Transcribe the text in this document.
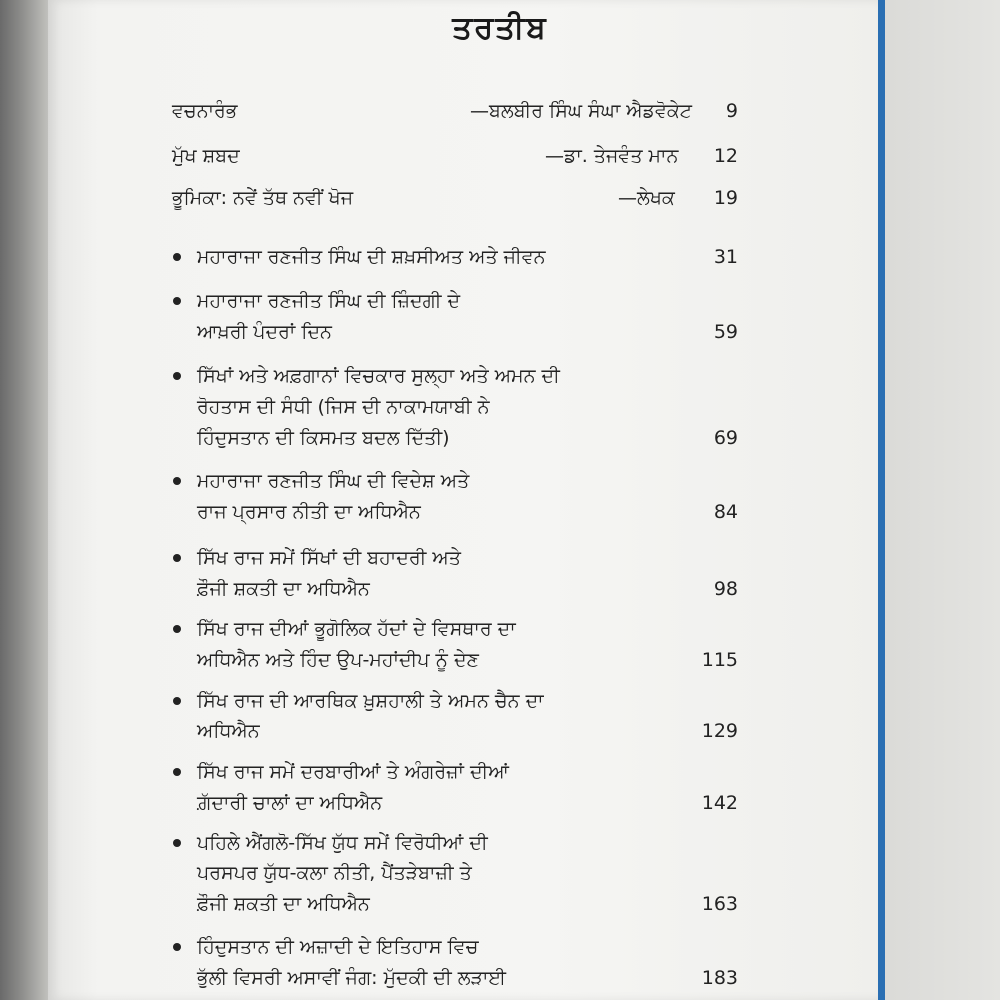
ਤਰਤੀਬ
ਵਚਨਾਰੰਭ	—ਬਲਬੀਰ ਸਿੰਘ ਸੰਘਾ ਐਡਵੋਕੇਟ	9
ਮੁੱਖ ਸ਼ਬਦ	—ਡਾ. ਤੇਜਵੰਤ ਮਾਨ	12
ਭੂਮਿਕਾ: ਨਵੇਂ ਤੱਥ ਨਵੀਂ ਖੋਜ	—ਲੇਖਕ	19
ਮਹਾਰਾਜਾ ਰਣਜੀਤ ਸਿੰਘ ਦੀ ਸ਼ਖ਼ਸੀਅਤ ਅਤੇ ਜੀਵਨ	31
ਮਹਾਰਾਜਾ ਰਣਜੀਤ ਸਿੰਘ ਦੀ ਜ਼ਿੰਦਗੀ ਦੇ
ਆਖ਼ਰੀ ਪੰਦਰਾਂ ਦਿਨ	59
ਸਿੱਖਾਂ ਅਤੇ ਅਫ਼ਗਾਨਾਂ ਵਿਚਕਾਰ ਸੁਲ੍ਹਾ ਅਤੇ ਅਮਨ ਦੀ
ਰੋਹਤਾਸ ਦੀ ਸੰਧੀ (ਜਿਸ ਦੀ ਨਾਕਾਮਯਾਬੀ ਨੇ
ਹਿੰਦੁਸਤਾਨ ਦੀ ਕਿਸਮਤ ਬਦਲ ਦਿੱਤੀ)	69
ਮਹਾਰਾਜਾ ਰਣਜੀਤ ਸਿੰਘ ਦੀ ਵਿਦੇਸ਼ ਅਤੇ
ਰਾਜ ਪ੍ਰਸਾਰ ਨੀਤੀ ਦਾ ਅਧਿਐਨ	84
ਸਿੱਖ ਰਾਜ ਸਮੇਂ ਸਿੱਖਾਂ ਦੀ ਬਹਾਦਰੀ ਅਤੇ
ਫ਼ੌਜੀ ਸ਼ਕਤੀ ਦਾ ਅਧਿਐਨ	98
ਸਿੱਖ ਰਾਜ ਦੀਆਂ ਭੂਗੋਲਿਕ ਹੱਦਾਂ ਦੇ ਵਿਸਥਾਰ ਦਾ
ਅਧਿਐਨ ਅਤੇ ਹਿੰਦ ਉਪ-ਮਹਾਂਦੀਪ ਨੂੰ ਦੇਣ	115
ਸਿੱਖ ਰਾਜ ਦੀ ਆਰਥਿਕ ਖ਼ੁਸ਼ਹਾਲੀ ਤੇ ਅਮਨ ਚੈਨ ਦਾ
ਅਧਿਐਨ	129
ਸਿੱਖ ਰਾਜ ਸਮੇਂ ਦਰਬਾਰੀਆਂ ਤੇ ਅੰਗਰੇਜ਼ਾਂ ਦੀਆਂ
ਗ਼ੱਦਾਰੀ ਚਾਲਾਂ ਦਾ ਅਧਿਐਨ	142
ਪਹਿਲੇ ਐਂਗਲੋ-ਸਿੱਖ ਯੁੱਧ ਸਮੇਂ ਵਿਰੋਧੀਆਂ ਦੀ
ਪਰਸਪਰ ਯੁੱਧ-ਕਲਾ ਨੀਤੀ, ਪੈਂਤੜੇਬਾਜ਼ੀ ਤੇ
ਫ਼ੌਜੀ ਸ਼ਕਤੀ ਦਾ ਅਧਿਐਨ	163
ਹਿੰਦੁਸਤਾਨ ਦੀ ਅਜ਼ਾਦੀ ਦੇ ਇਤਿਹਾਸ ਵਿਚ
ਭੁੱਲੀ ਵਿਸਰੀ ਅਸਾਵੀਂ ਜੰਗ: ਮੁੱਦਕੀ ਦੀ ਲੜਾਈ	183
